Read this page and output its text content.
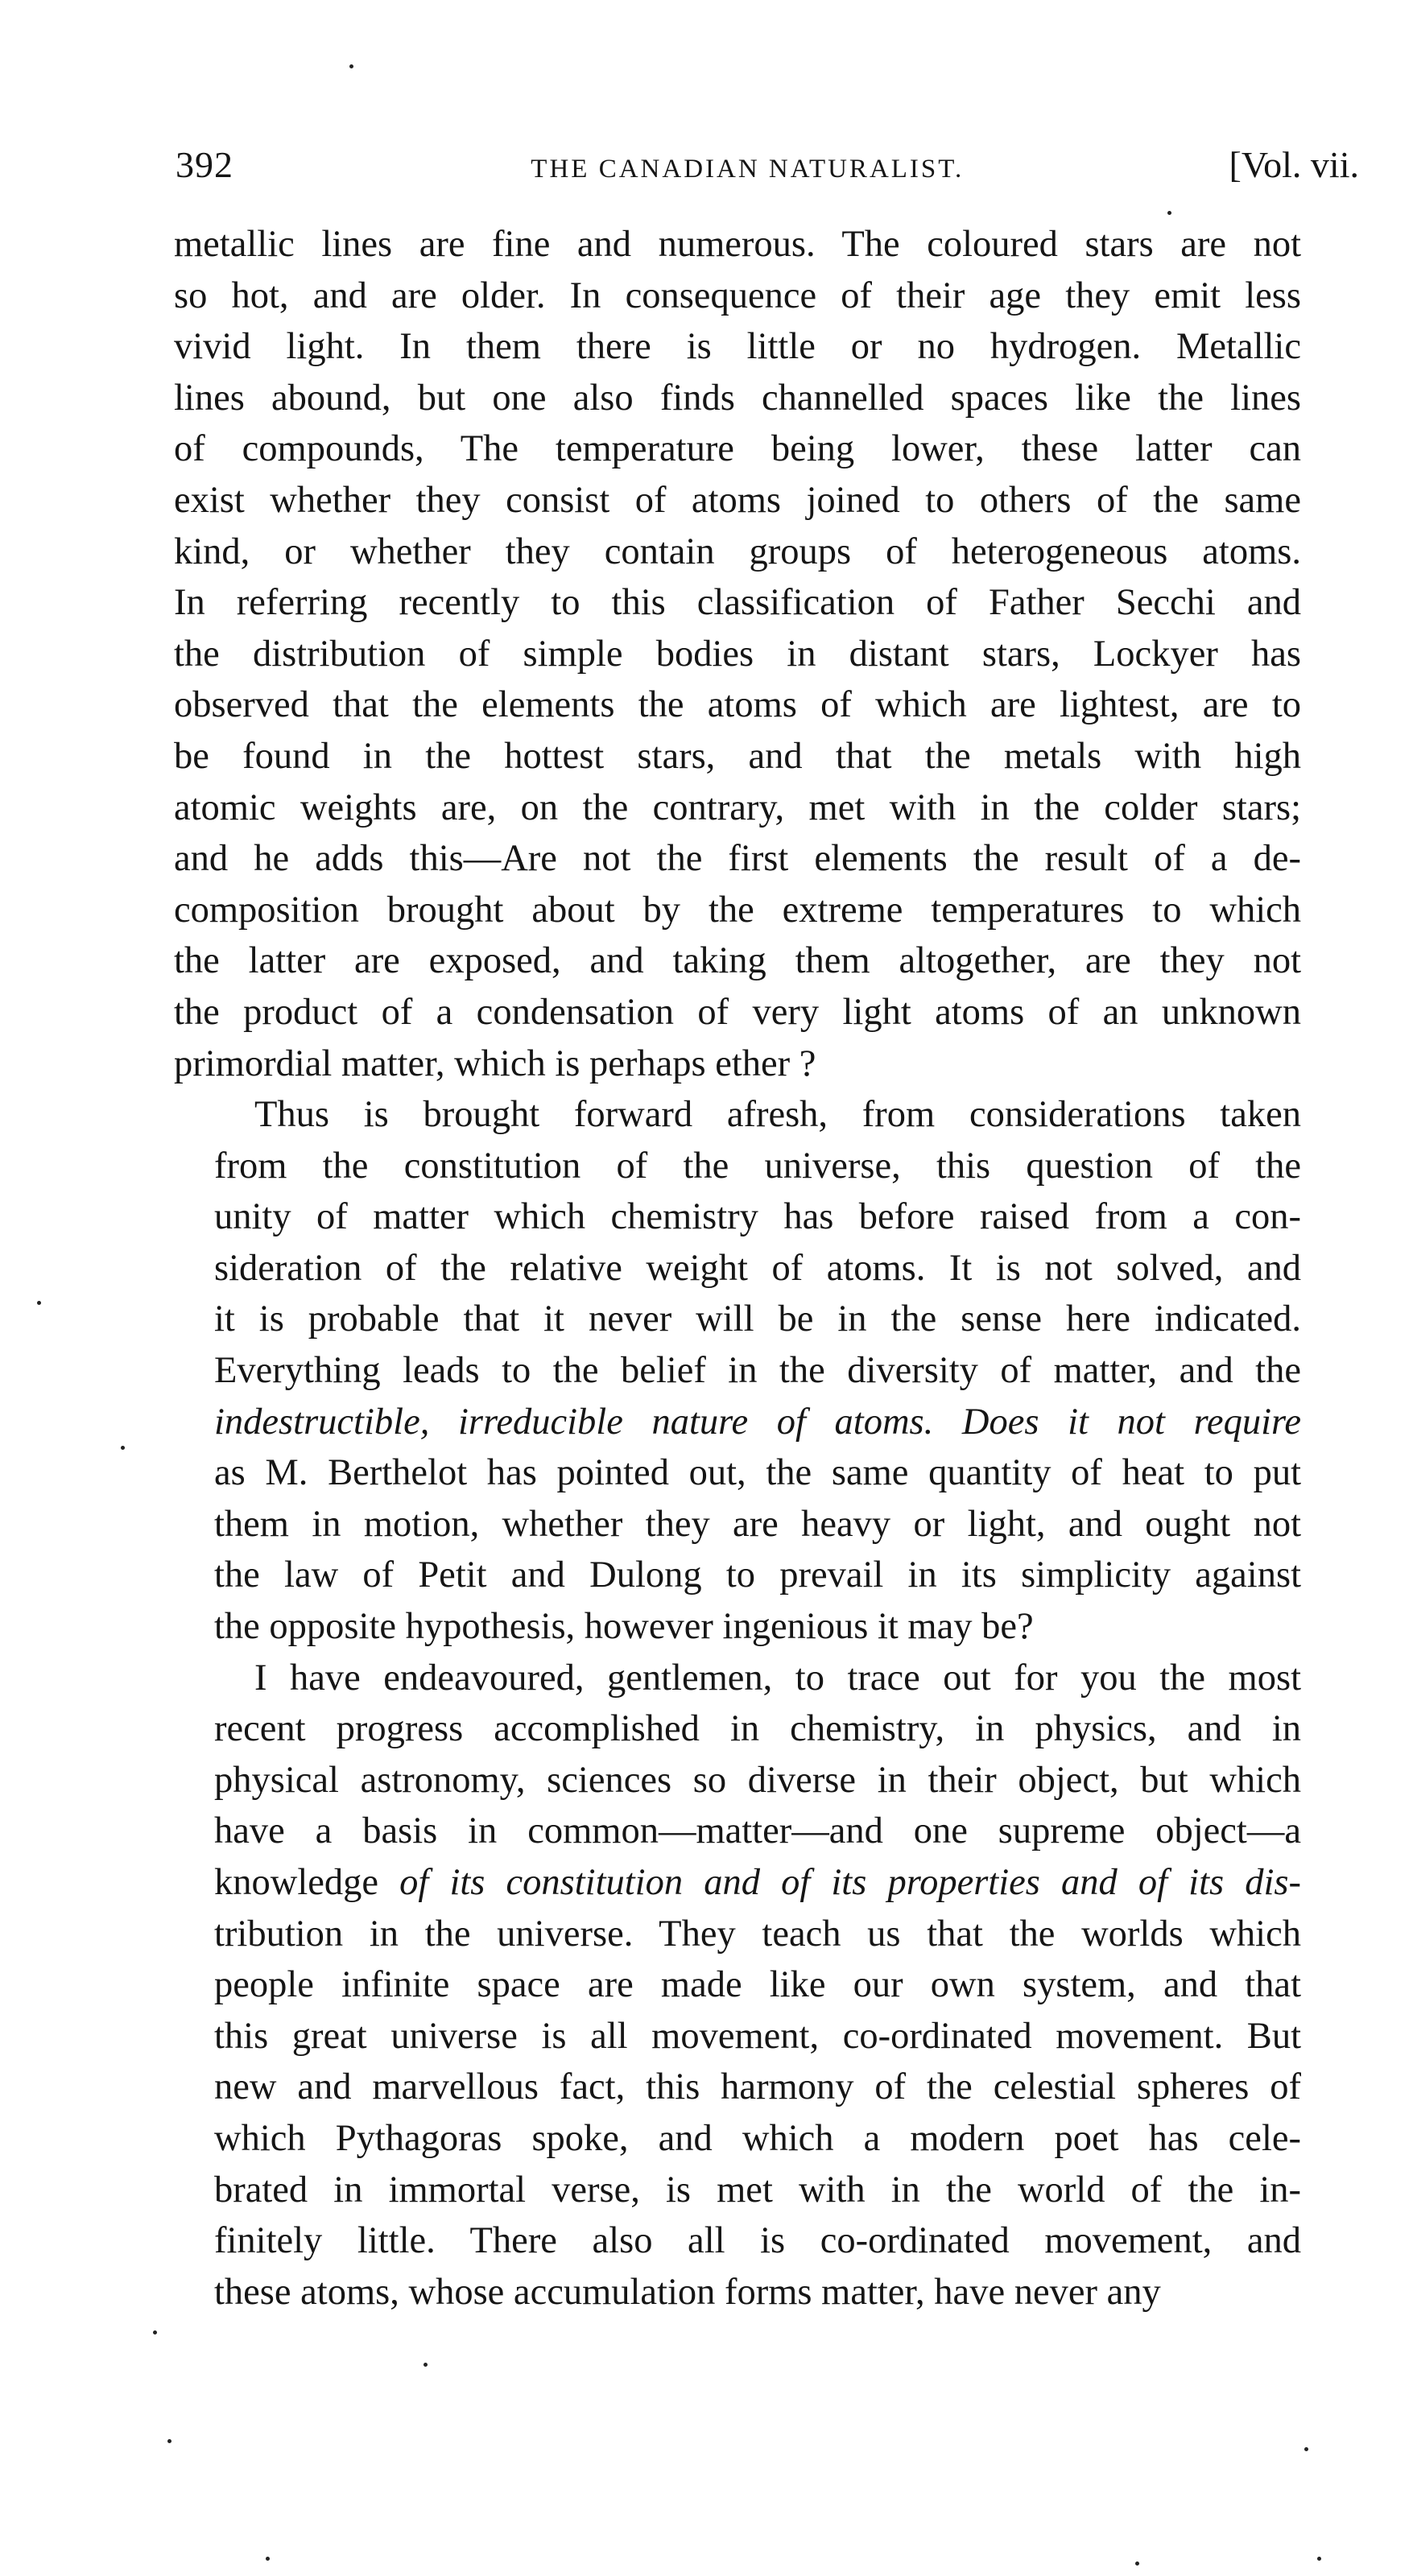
392	THE CANADIAN NATURALIST.	[Vol. vii.
metallic lines are fine and numerous. The coloured stars are not
so hot, and are older. In consequence of their age they emit less
vivid light. In them there is little or no hydrogen. Metallic
lines abound, but one also finds channelled spaces like the lines
of compounds, The temperature being lower, these latter can
exist whether they consist of atoms joined to others of the same
kind, or whether they contain groups of heterogeneous atoms.
In referring recently to this classification of Father Secchi and
the distribution of simple bodies in distant stars, Lockyer has
observed that the elements the atoms of which are lightest, are to
be found in the hottest stars, and that the metals with high
atomic weights are, on the contrary, met with in the colder stars;
and he adds this—Are not the first elements the result of a de-
composition brought about by the extreme temperatures to which
the latter are exposed, and taking them altogether, are they not
the product of a condensation of very light atoms of an unknown
primordial matter, which is perhaps ether ?
Thus is brought forward afresh, from considerations taken
from the constitution of the universe, this question of the
unity of matter which chemistry has before raised from a con-
sideration of the relative weight of atoms. It is not solved, and
it is probable that it never will be in the sense here indicated.
Everything leads to the belief in the diversity of matter, and the
indestructible, irreducible nature of atoms. Does it not require
as M. Berthelot has pointed out, the same quantity of heat to put
them in motion, whether they are heavy or light, and ought not
the law of Petit and Dulong to prevail in its simplicity against
the opposite hypothesis, however ingenious it may be?
I have endeavoured, gentlemen, to trace out for you the most
recent progress accomplished in chemistry, in physics, and in
physical astronomy, sciences so diverse in their object, but which
have a basis in common—matter—and one supreme object—a
knowledge of its constitution and of its properties and of its dis-
tribution in the universe. They teach us that the worlds which
people infinite space are made like our own system, and that
this great universe is all movement, co-ordinated movement. But
new and marvellous fact, this harmony of the celestial spheres of
which Pythagoras spoke, and which a modern poet has cele-
brated in immortal verse, is met with in the world of the in-
finitely little. There also all is co-ordinated movement, and
these atoms, whose accumulation forms matter, have never any
